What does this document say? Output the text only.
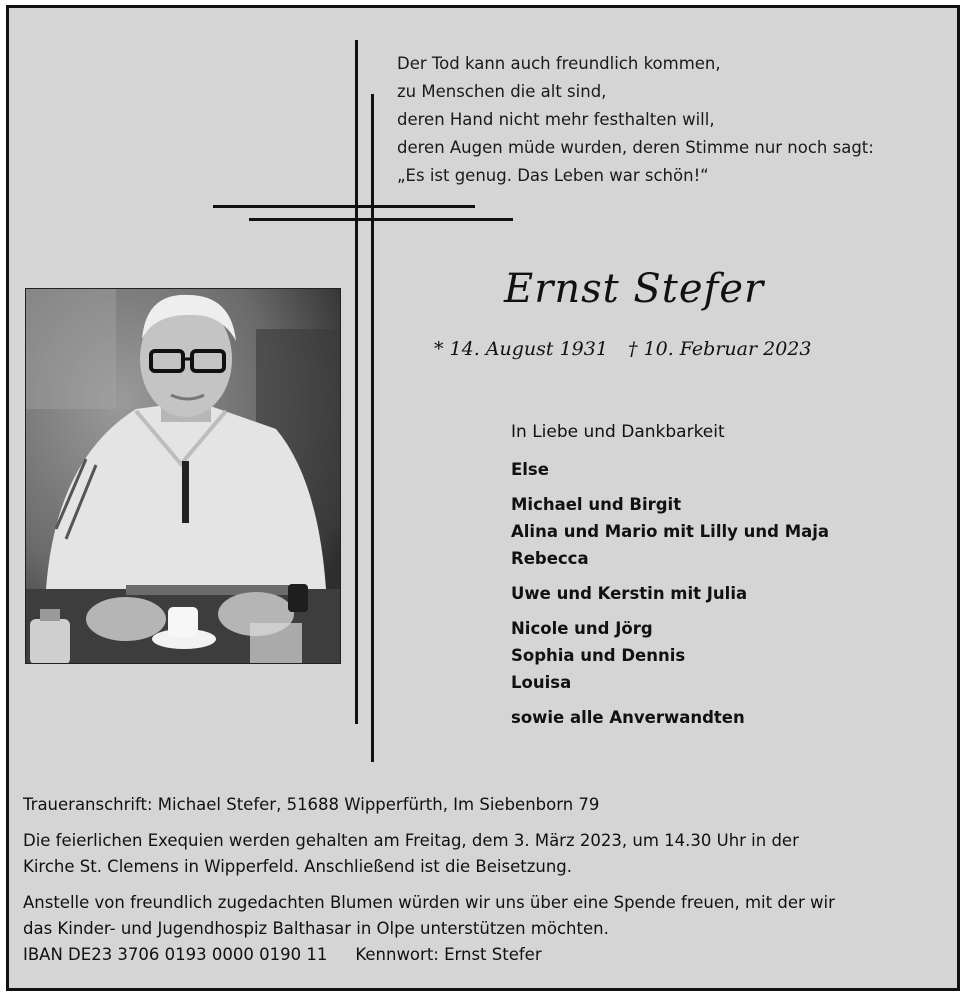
Der Tod kann auch freundlich kommen,
zu Menschen die alt sind,
deren Hand nicht mehr festhalten will,
deren Augen müde wurden, deren Stimme nur noch sagt:
„Es ist genug. Das Leben war schön!“
Ernst Stefer
* 14. August 1931 † 10. Februar 2023
In Liebe und Dankbarkeit
Else
Michael und Birgit
Alina und Mario mit Lilly und Maja
Rebecca
Uwe und Kerstin mit Julia
Nicole und Jörg
Sophia und Dennis
Louisa
sowie alle Anverwandten

Traueranschrift: Michael Stefer, 51688 Wipperfürth, Im Siebenborn 79

Die feierlichen Exequien werden gehalten am Freitag, dem 3. März 2023, um 14.30 Uhr in der
Kirche St. Clemens in Wipperfeld. Anschließend ist die Beisetzung.

Anstelle von freundlich zugedachten Blumen würden wir uns über eine Spende freuen, mit der wir
das Kinder- und Jugendhospiz Balthasar in Olpe unterstützen möchten.
IBAN DE23 3706 0193 0000 0190 11 Kennwort: Ernst Stefer
